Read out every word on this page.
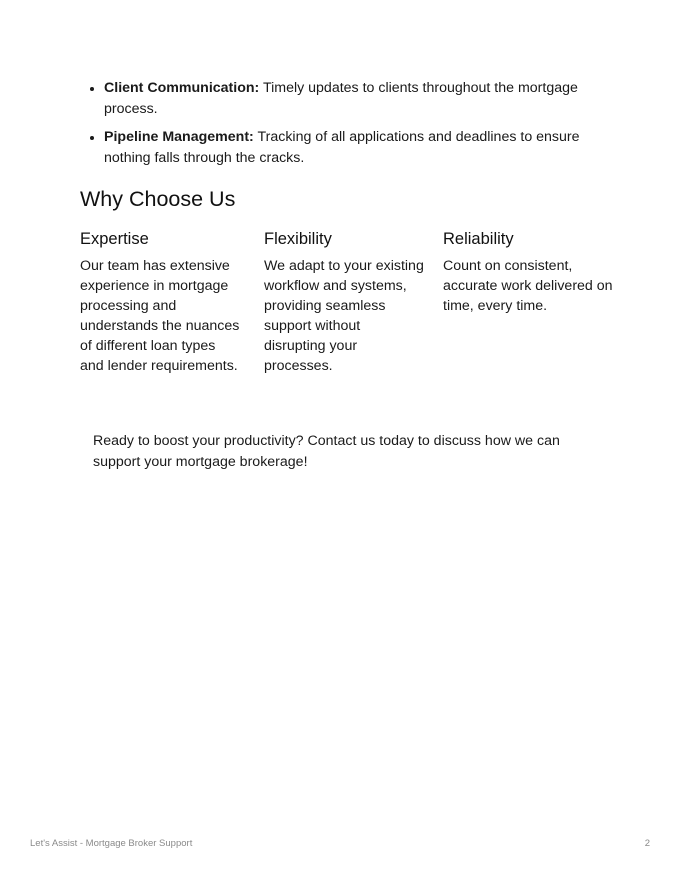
• Client Communication: Timely updates to clients throughout the mortgage process.
• Pipeline Management: Tracking of all applications and deadlines to ensure nothing falls through the cracks.
Why Choose Us
Expertise

Our team has extensive experience in mortgage processing and understands the nuances of different loan types and lender requirements.

Flexibility

We adapt to your existing workflow and systems, providing seamless support without disrupting your processes.

Reliability

Count on consistent, accurate work delivered on time, every time.

Ready to boost your productivity? Contact us today to discuss how we can support your mortgage brokerage!

Let's Assist - Mortgage Broker Support	2
